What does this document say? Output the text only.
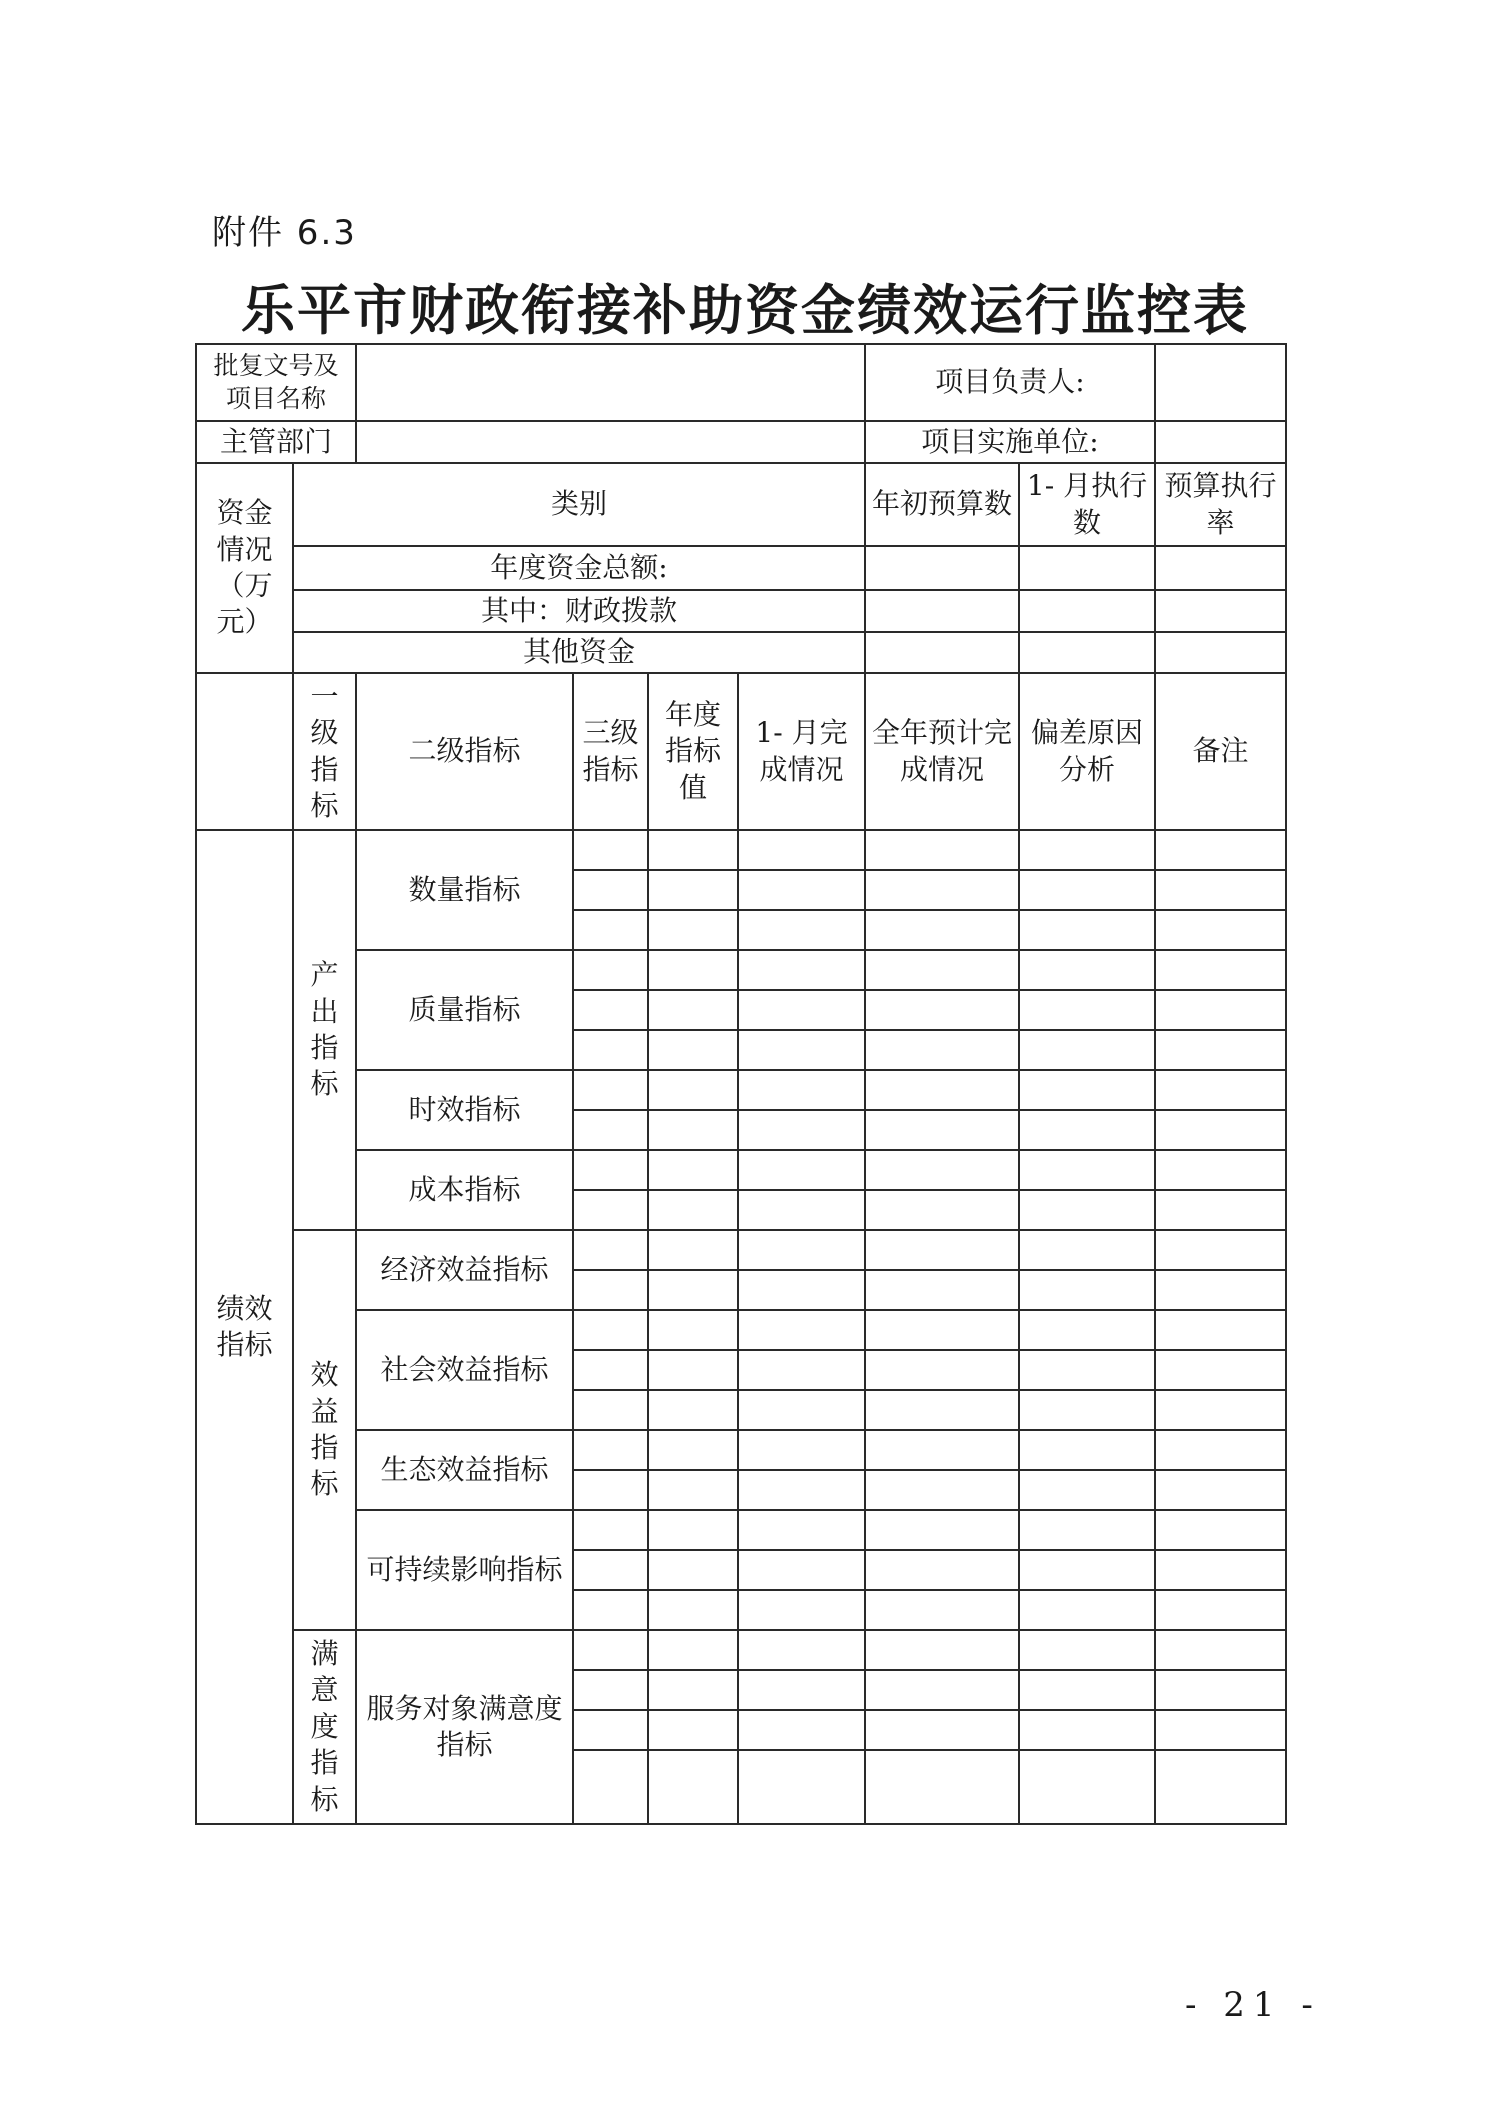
附件 6.3
乐平市财政衔接补助资金绩效运行监控表
批复文号及项目名称						项目负责人:		
主管部门						项目实施单位:		
资金情况（万元）	类别					年初预算数	1- 月执行数	预算执行率
	年度资金总额:							
	其中：财政拨款							
	其他资金							
	一级指标	二级指标	三级指标	年度指标值	1- 月完成情况	全年预计完成情况	偏差原因分析	备注
绩效指标	产出指标	数量指标						

		质量指标						

		时效指标						

		成本指标						

	效益指标	经济效益指标						

		社会效益指标						

		生态效益指标						

		可持续影响指标						

	满意度指标	服务对象满意度指标						

- 21 -
